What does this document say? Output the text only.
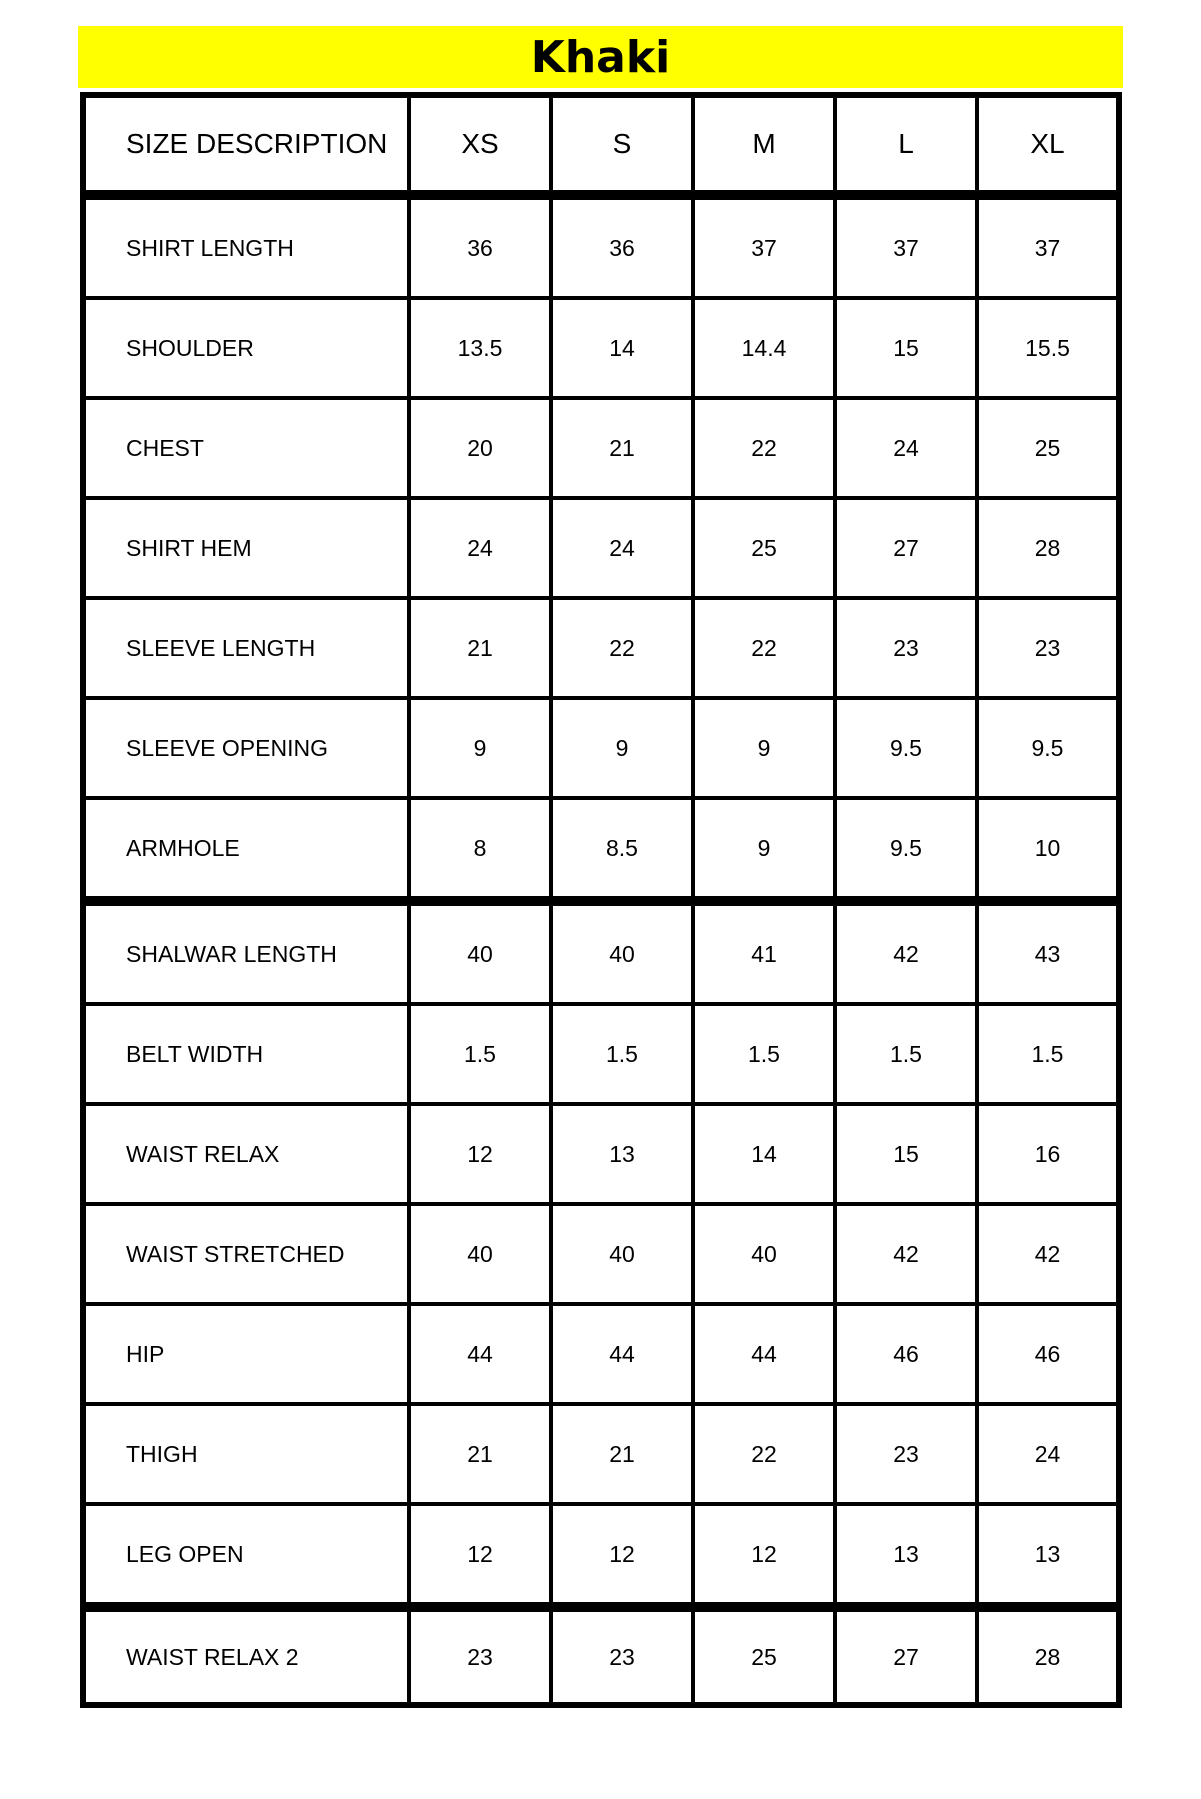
Khaki
SIZE DESCRIPTION	XS	S	M	L	XL
SHIRT LENGTH	36	36	37	37	37
SHOULDER	13.5	14	14.4	15	15.5
CHEST	20	21	22	24	25
SHIRT HEM	24	24	25	27	28
SLEEVE LENGTH	21	22	22	23	23
SLEEVE OPENING	9	9	9	9.5	9.5
ARMHOLE	8	8.5	9	9.5	10
SHALWAR LENGTH	40	40	41	42	43
BELT WIDTH	1.5	1.5	1.5	1.5	1.5
WAIST RELAX	12	13	14	15	16
WAIST STRETCHED	40	40	40	42	42
HIP	44	44	44	46	46
THIGH	21	21	22	23	24
LEG OPEN	12	12	12	13	13
WAIST RELAX 2	23	23	25	27	28
